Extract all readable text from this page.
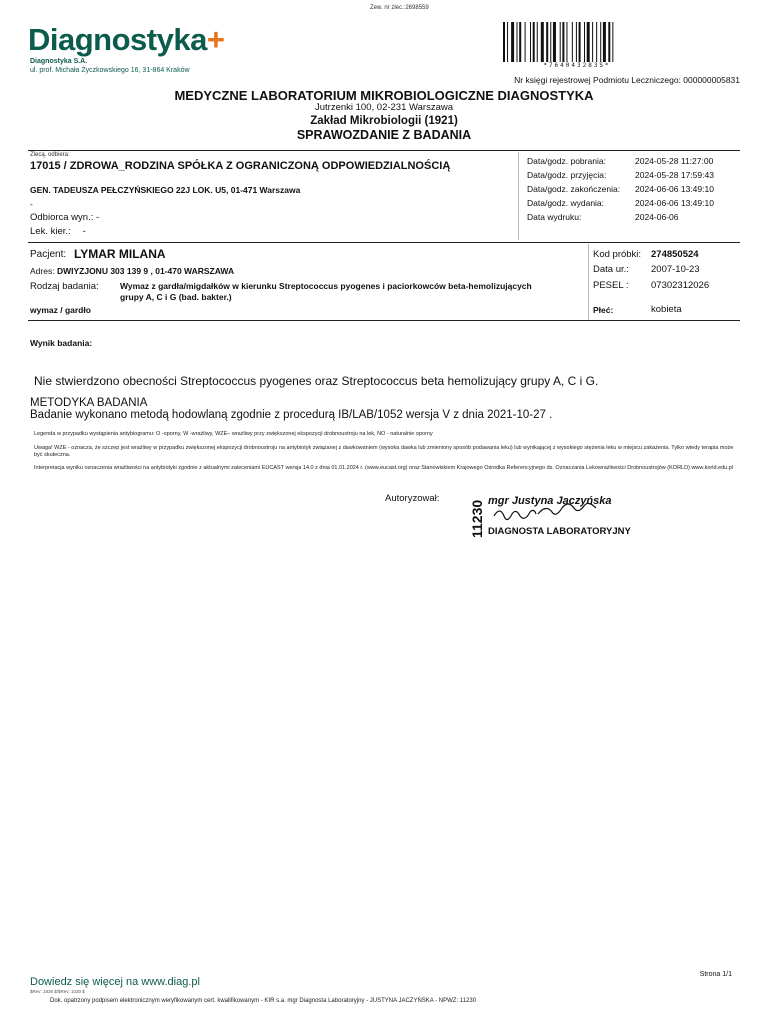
Zew. nr zlec.:2698559
Diagnostyka+
Diagnostyka S.A.
ul. prof. Michała Życzkowskiego 16, 31-864 Kraków
*764043283S*
Nr księgi rejestrowej Podmiotu Leczniczego: 000000005831
MEDYCZNE LABORATORIUM MIKROBIOLOGICZNE DIAGNOSTYKA
Jutrzenki 100, 02-231 Warszawa
Zakład Mikrobiologii (1921)
SPRAWOZDANIE Z BADANIA
Zlecą. odbiera:
17015 / ZDROWA_RODZINA SPÓŁKA Z OGRANICZONĄ ODPOWIEDZIALNOŚCIĄ
GEN. TADEUSZA PEŁCZYŃSKIEGO 22J LOK. U5, 01-471 Warszawa
-
Odbiorca wyn.: -
Lek. kier.: -
Data/godz. pobrania:	2024-05-28 11:27:00
Data/godz. przyjęcia:	2024-05-28 17:59:43
Data/godz. zakończenia:	2024-06-06 13:49:10
Data/godz. wydania:	2024-06-06 13:49:10
Data wydruku:	2024-06-06
Pacjent: LYMAR MILANA
Adres: DWIYZJONU 303 139 9 , 01-470 WARSZAWA
Rodzaj badania:	Wymaz z gardła/migdałków w kierunku Streptococcus pyogenes i paciorkowców beta-hemolizujących grupy A, C i G (bad. bakter.)
wymaz / gardło
Kod próbki: 274850524
Data ur.: 2007-10-23
PESEL : 07302312026
Płeć:	kobieta
Wynik badania:
Nie stwierdzono obecności Streptococcus pyogenes oraz Streptococcus beta hemolizujący grupy A, C i G.
METODYKA BADANIA
Badanie wykonano metodą hodowlaną zgodnie z procedurą IB/LAB/1052 wersja V z dnia 2021-10-27 .
Legenda w przypadku wystąpienia antybiogramu: O -oporny, W -wrażliwy, WZE– wrażliwy przy zwiększonej ekspozycji drobnoustroju na lek, NO - naturalnie oporny
Uwaga! WZE - oznacza, że szczep jest wrażliwy w przypadku zwiększonej ekspozycji drobnoustroju na antybiotyk związanej z dawkowaniem (wysoka dawka lub zmieniony sposób podawania leku) lub wynikającej z wysokiego stężenia leku w miejscu zakażenia. Tylko wtedy terapia może być skuteczna.
Interpretacja wyniku oznaczenia wrażliwości na antybiotyki zgodnie z aktualnymi zaleceniami EUCAST wersja 14.0 z dnia 01.01.2024 r. (www.eucast.org) oraz Stanowiskiem Krajowego Ośrodka Referencyjnego ds. Oznaczania Lekowrażliwości Drobnoustrojów (KORLD) www.korld.edu.pl
Autoryzował:
11230 mgr Justyna Jaczyńska
DIAGNOSTA LABORATORYJNY
Dowiedz się więcej na www.diag.pl
Strona 1/1
$Rev: 1838 $/$Rev: 1030 $
Dok. opatrzony podpisem elektronicznym weryfikowanym cert. kwalifikowanym - KIR s.a. mgr Diagnosta Laboratoryjny - JUSTYNA JACZYŃSKA - NPWZ: 11230
